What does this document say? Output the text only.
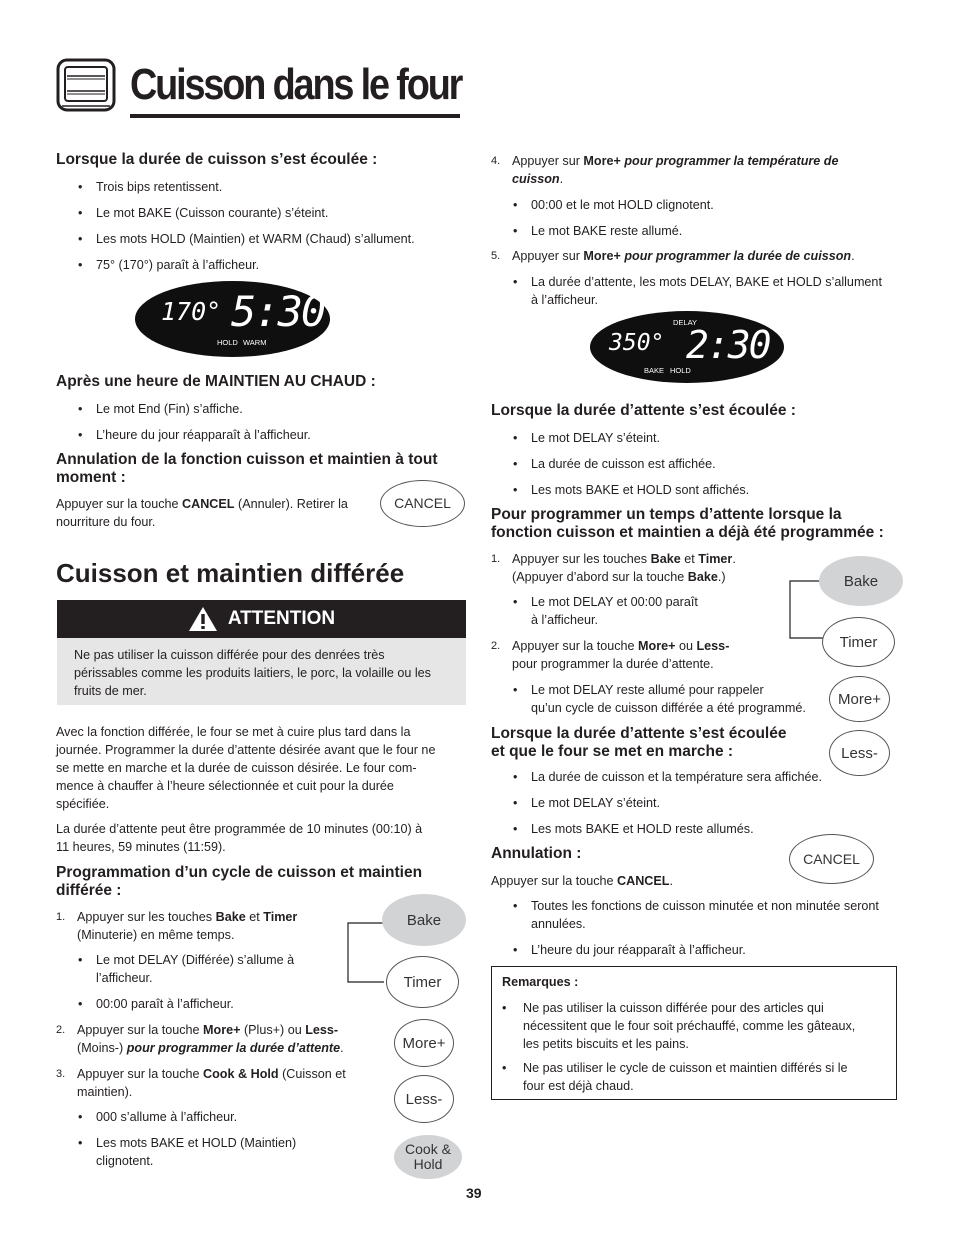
Cuisson dans le four
Lorsque la durée de cuisson s’est écoulée :
• Trois bips retentissent.
• Le mot BAKE (Cuisson courante) s’éteint.
• Les mots HOLD (Maintien) et WARM (Chaud) s’allument.
• 75° (170°) paraît à l’afficheur.
170° 5:30
HOLD WARM
Après une heure de MAINTIEN AU CHAUD :
• Le mot End (Fin) s’affiche.
• L’heure du jour réapparaît à l’afficheur.
Annulation de la fonction cuisson et maintien à tout
moment :
Appuyer sur la touche CANCEL (Annuler). Retirer la
nourriture du four.
CANCEL
Cuisson et maintien différée
ATTENTION
Ne pas utiliser la cuisson différée pour des denrées très
périssables comme les produits laitiers, le porc, la volaille ou les
fruits de mer.
Avec la fonction différée, le four se met à cuire plus tard dans la
journée. Programmer la durée d’attente désirée avant que le four ne
se mette en marche et la durée de cuisson désirée. Le four com-
mence à chauffer à l’heure sélectionnée et cuit pour la durée
spécifiée.
La durée d’attente peut être programmée de 10 minutes (00:10) à
11 heures, 59 minutes (11:59).
Programmation d’un cycle de cuisson et maintien
différée :
1. Appuyer sur les touches Bake et Timer
(Minuterie) en même temps.
• Le mot DELAY (Différée) s’allume à
l’afficheur.
• 00:00 paraît à l’afficheur.
2. Appuyer sur la touche More+ (Plus+) ou Less-
(Moins-) pour programmer la durée d’attente.
3. Appuyer sur la touche Cook & Hold (Cuisson et
maintien).
• 000 s’allume à l’afficheur.
• Les mots BAKE et HOLD (Maintien)
clignotent.
Bake
Timer
More+
Less-
Cook &
Hold
4. Appuyer sur More+ pour programmer la température de
cuisson.
• 00:00 et le mot HOLD clignotent.
• Le mot BAKE reste allumé.
5. Appuyer sur More+ pour programmer la durée de cuisson.
• La durée d’attente, les mots DELAY, BAKE et HOLD s’allument
à l’afficheur.
DELAY
350° 2:30
BAKE HOLD
Lorsque la durée d’attente s’est écoulée :
• Le mot DELAY s’éteint.
• La durée de cuisson est affichée.
• Les mots BAKE et HOLD sont affichés.
Pour programmer un temps d’attente lorsque la
fonction cuisson et maintien a déjà été programmée :
1. Appuyer sur les touches Bake et Timer.
(Appuyer d’abord sur la touche Bake.)
• Le mot DELAY et 00:00 paraît
à l’afficheur.
2. Appuyer sur la touche More+ ou Less-
pour programmer la durée d’attente.
• Le mot DELAY reste allumé pour rappeler
qu’un cycle de cuisson différée a été programmé.
Lorsque la durée d’attente s’est écoulée
et que le four se met en marche :
• La durée de cuisson et la température sera affichée.
• Le mot DELAY s’éteint.
• Les mots BAKE et HOLD reste allumés.
Annulation :
Appuyer sur la touche CANCEL.
• Toutes les fonctions de cuisson minutée et non minutée seront
annulées.
• L’heure du jour réapparaît à l’afficheur.
Bake
Timer
More+
Less-
CANCEL
Remarques :
• Ne pas utiliser la cuisson différée pour des articles qui
nécessitent que le four soit préchauffé, comme les gâteaux,
les petits biscuits et les pains.
• Ne pas utiliser le cycle de cuisson et maintien différés si le
four est déjà chaud.
39
